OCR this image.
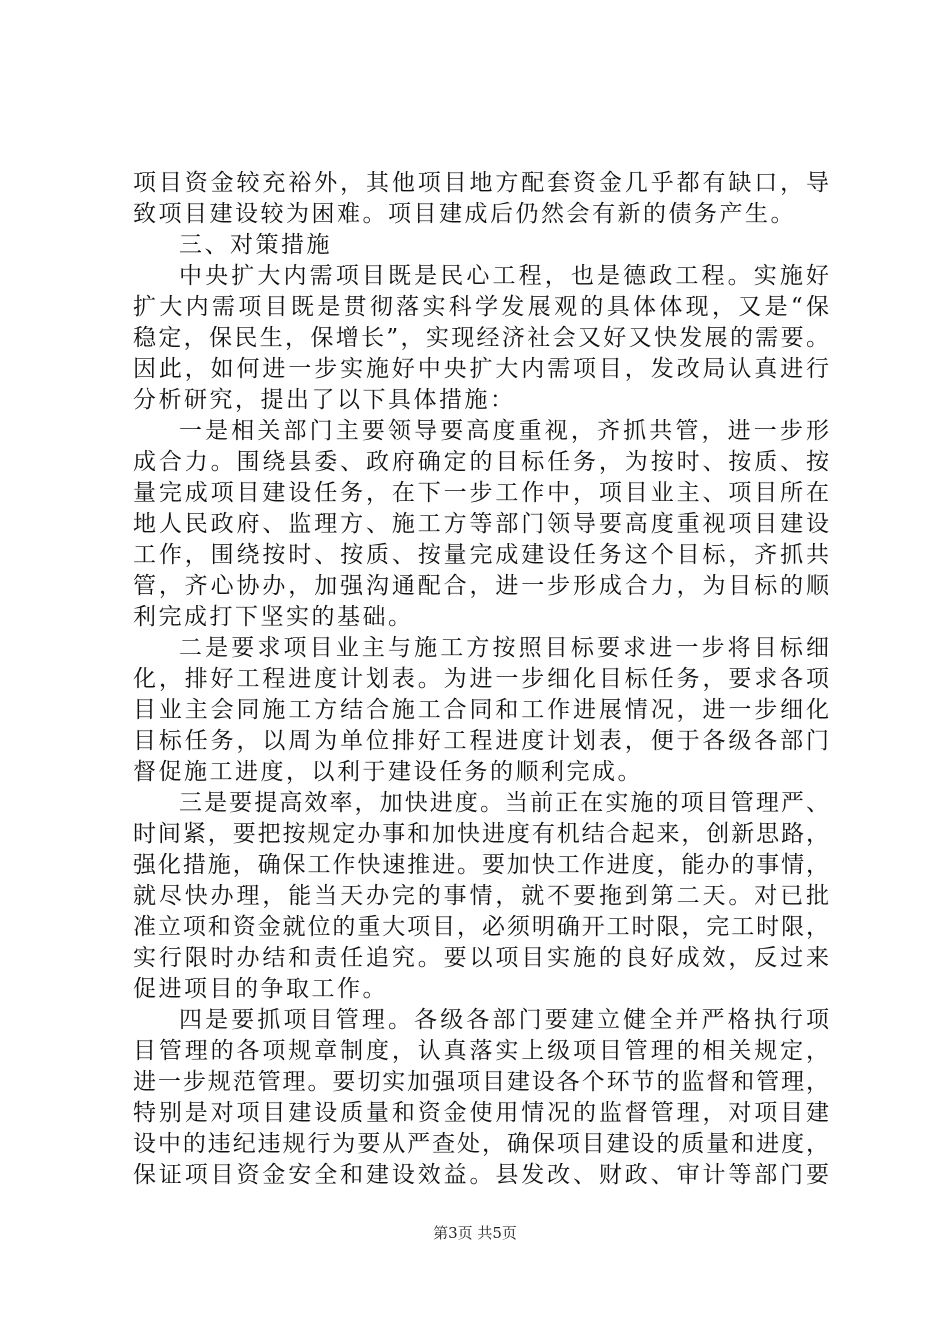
项目资金较充裕外，其他项目地方配套资金几乎都有缺口，导
致项目建设较为困难。项目建成后仍然会有新的债务产生。
三、对策措施
中央扩大内需项目既是民心工程，也是德政工程。实施好
扩大内需项目既是贯彻落实科学发展观的具体体现，又是“保
稳定，保民生，保增长”，实现经济社会又好又快发展的需要。
因此，如何进一步实施好中央扩大内需项目，发改局认真进行
分析研究，提出了以下具体措施：
一是相关部门主要领导要高度重视，齐抓共管，进一步形
成合力。围绕县委、政府确定的目标任务，为按时、按质、按
量完成项目建设任务，在下一步工作中，项目业主、项目所在
地人民政府、监理方、施工方等部门领导要高度重视项目建设
工作，围绕按时、按质、按量完成建设任务这个目标，齐抓共
管，齐心协办，加强沟通配合，进一步形成合力，为目标的顺
利完成打下坚实的基础。
二是要求项目业主与施工方按照目标要求进一步将目标细
化，排好工程进度计划表。为进一步细化目标任务，要求各项
目业主会同施工方结合施工合同和工作进展情况，进一步细化
目标任务，以周为单位排好工程进度计划表，便于各级各部门
督促施工进度，以利于建设任务的顺利完成。
三是要提高效率，加快进度。当前正在实施的项目管理严、
时间紧，要把按规定办事和加快进度有机结合起来，创新思路，
强化措施，确保工作快速推进。要加快工作进度，能办的事情，
就尽快办理，能当天办完的事情，就不要拖到第二天。对已批
准立项和资金就位的重大项目，必须明确开工时限，完工时限，
实行限时办结和责任追究。要以项目实施的良好成效，反过来
促进项目的争取工作。
四是要抓项目管理。各级各部门要建立健全并严格执行项
目管理的各项规章制度，认真落实上级项目管理的相关规定，
进一步规范管理。要切实加强项目建设各个环节的监督和管理，
特别是对项目建设质量和资金使用情况的监督管理，对项目建
设中的违纪违规行为要从严查处，确保项目建设的质量和进度，
保证项目资金安全和建设效益。县发改、财政、审计等部门要
第3页 共5页
